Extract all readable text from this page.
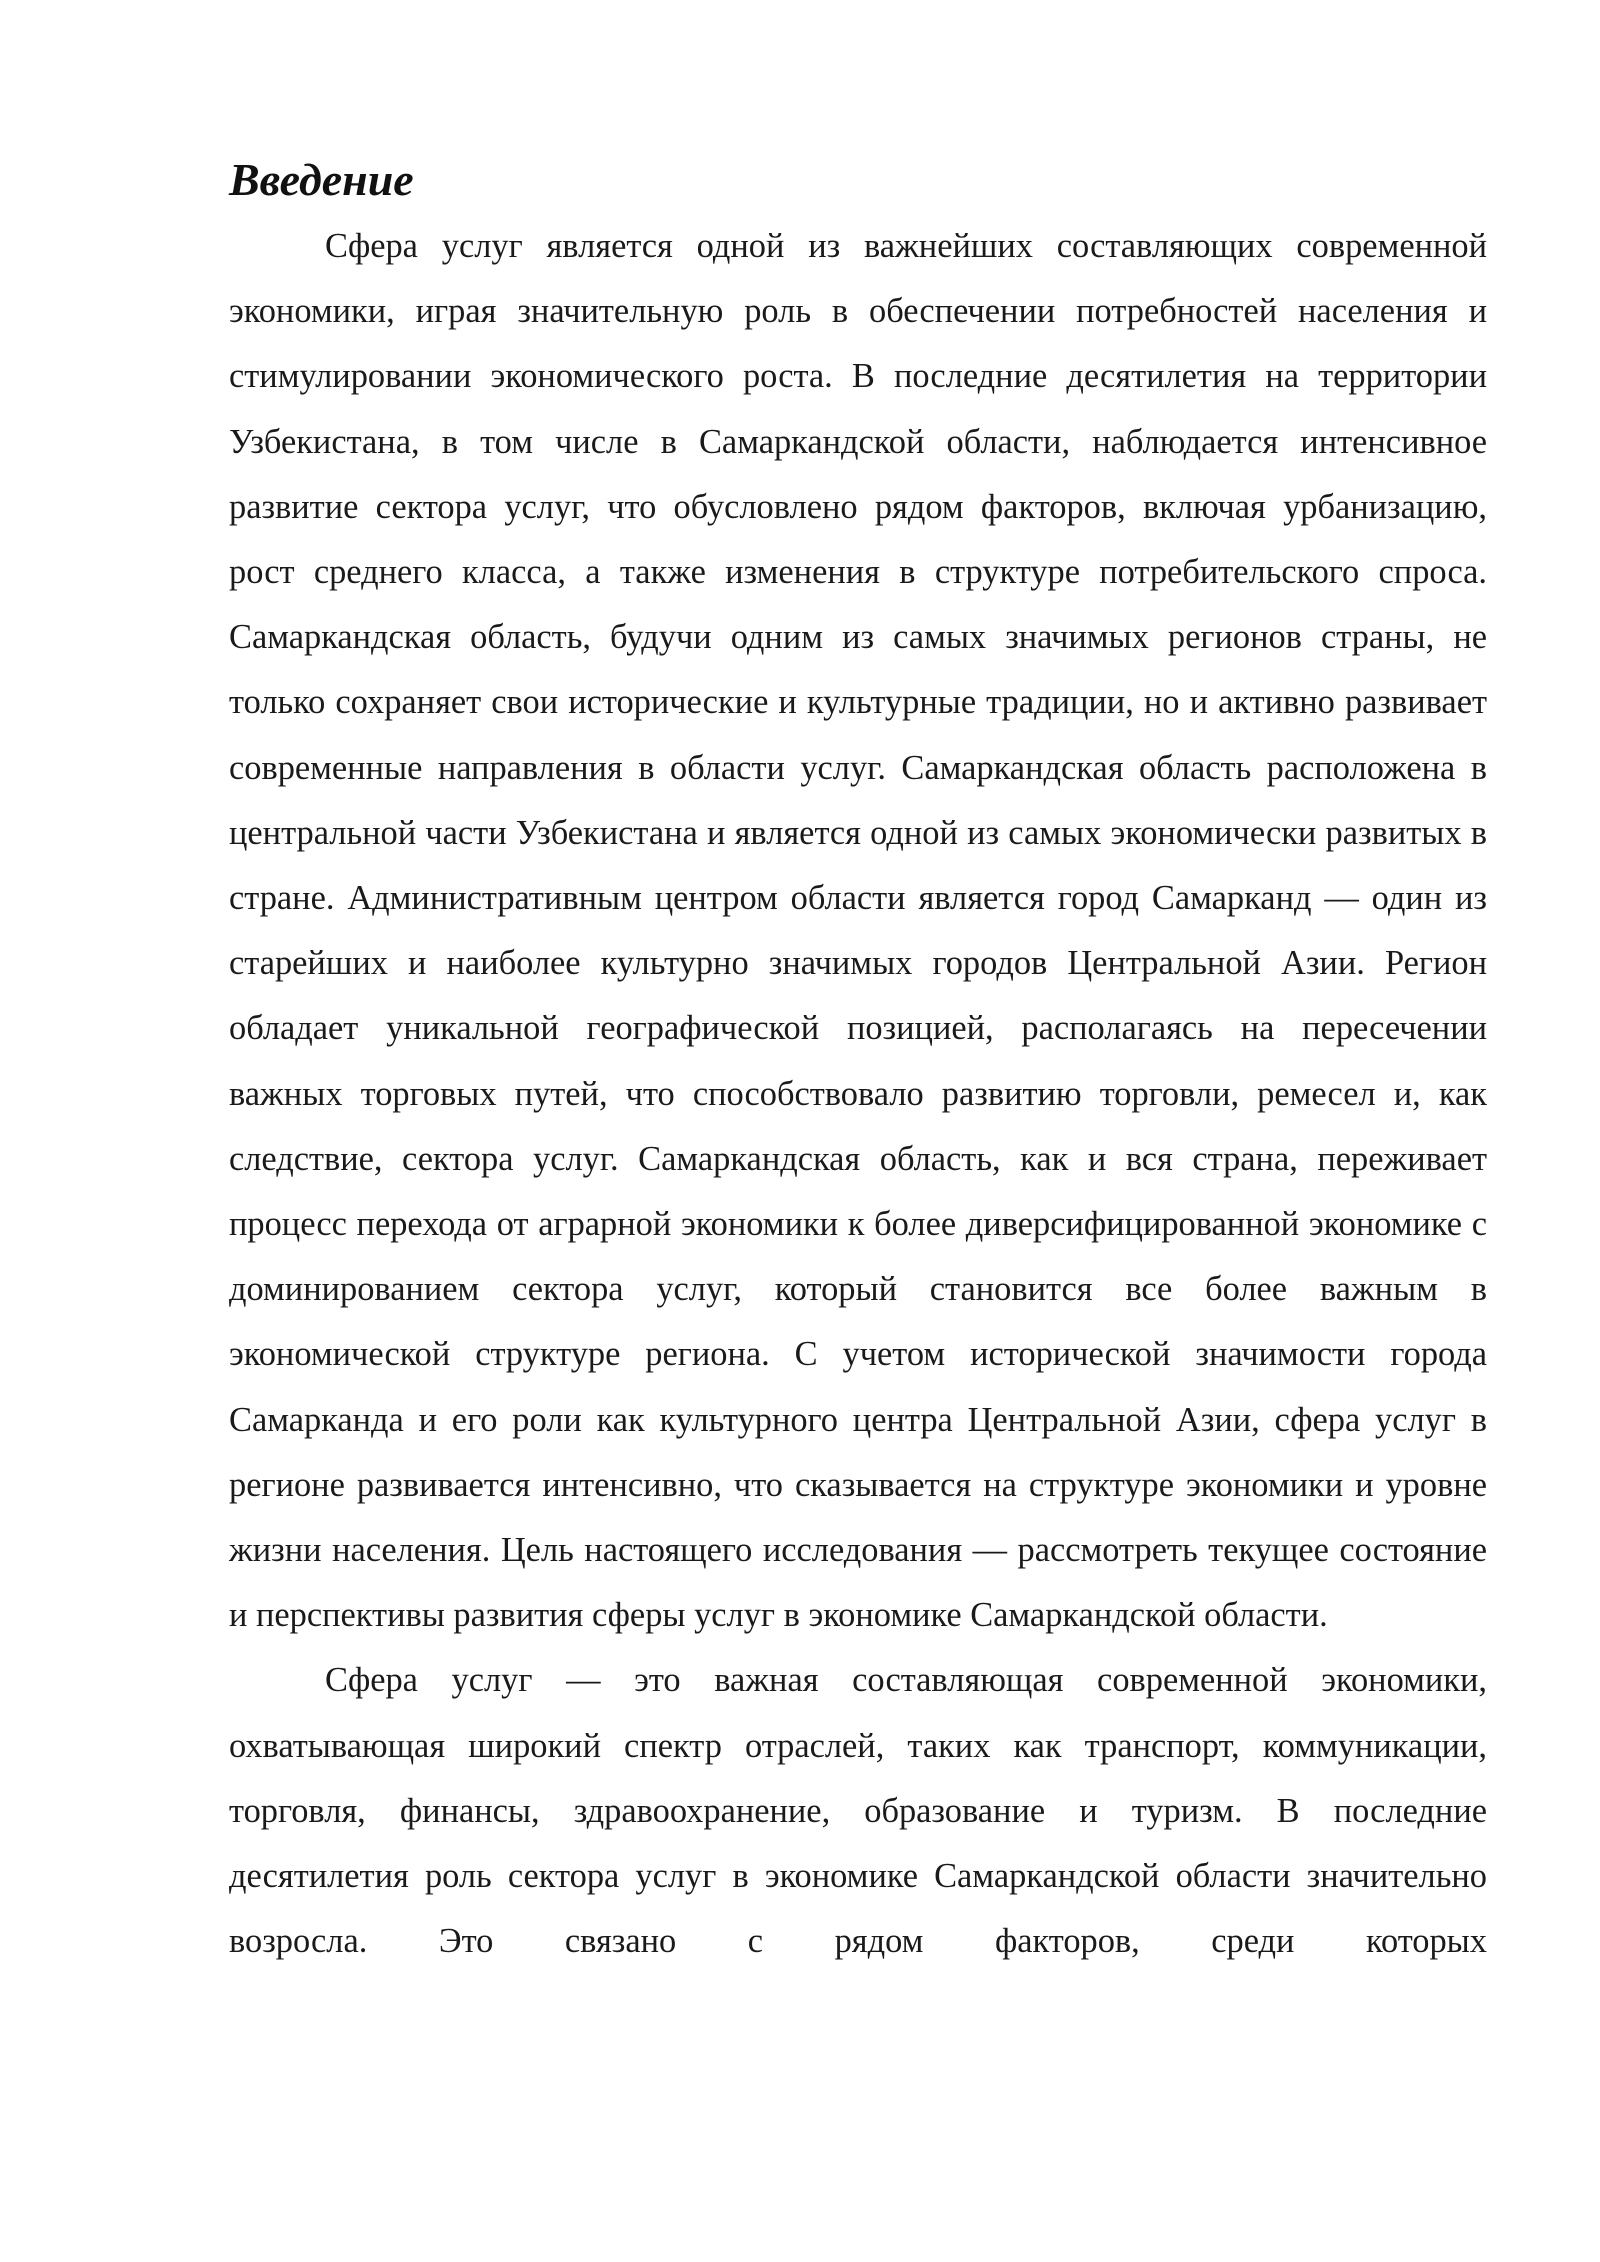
Введение

Сфера услуг является одной из важнейших составляющих современной экономики, играя значительную роль в обеспечении потребностей населения и стимулировании экономического роста. В последние десятилетия на территории Узбекистана, в том числе в Самаркандской области, наблюдается интенсивное развитие сектора услуг, что обусловлено рядом факторов, включая урбанизацию, рост среднего класса, а также изменения в структуре потребительского спроса. Самаркандская область, будучи одним из самых значимых регионов страны, не только сохраняет свои исторические и культурные традиции, но и активно развивает современные направления в области услуг. Самаркандская область расположена в центральной части Узбекистана и является одной из самых экономически развитых в стране. Административным центром области является город Самарканд — один из старейших и наиболее культурно значимых городов Центральной Азии. Регион обладает уникальной географической позицией, располагаясь на пересечении важных торговых путей, что способствовало развитию торговли, ремесел и, как следствие, сектора услуг. Самаркандская область, как и вся страна, переживает процесс перехода от аграрной экономики к более диверсифицированной экономике с доминированием сектора услуг, который становится все более важным в экономической структуре региона. С учетом исторической значимости города Самарканда и его роли как культурного центра Центральной Азии, сфера услуг в регионе развивается интенсивно, что сказывается на структуре экономики и уровне жизни населения. Цель настоящего исследования — рассмотреть текущее состояние и перспективы развития сферы услуг в экономике Самаркандской области.

Сфера услуг — это важная составляющая современной экономики, охватывающая широкий спектр отраслей, таких как транспорт, коммуникации, торговля, финансы, здравоохранение, образование и туризм. В последние десятилетия роль сектора услуг в экономике Самаркандской области значительно возросла. Это связано с рядом факторов, среди которых
